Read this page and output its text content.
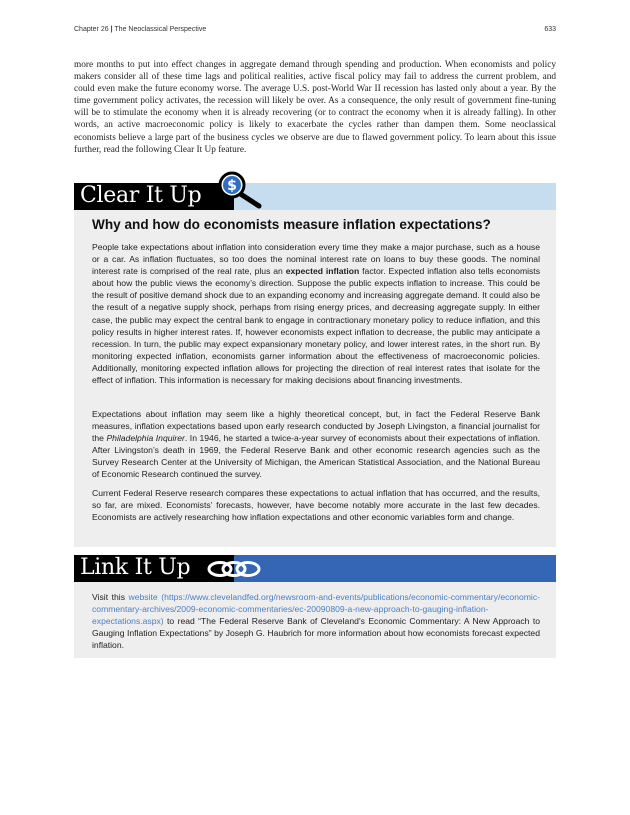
Chapter 26 | The Neoclassical Perspective	633

more months to put into effect changes in aggregate demand through spending and production. When economists and policy makers consider all of these time lags and political realities, active fiscal policy may fail to address the current problem, and could even make the future economy worse. The average U.S. post-World War II recession has lasted only about a year. By the time government policy activates, the recession will likely be over. As a consequence, the only result of government fine-tuning will be to stimulate the economy when it is already recovering (or to contract the economy when it is already falling). In other words, an active macroeconomic policy is likely to exacerbate the cycles rather than dampen them. Some neoclassical economists believe a large part of the business cycles we observe are due to flawed government policy. To learn about this issue further, read the following Clear It Up feature.

Clear It Up $
Why and how do economists measure inflation expectations?

People take expectations about inflation into consideration every time they make a major purchase, such as a house or a car. As inflation fluctuates, so too does the nominal interest rate on loans to buy these goods. The nominal interest rate is comprised of the real rate, plus an expected inflation factor. Expected inflation also tells economists about how the public views the economy’s direction. Suppose the public expects inflation to increase. This could be the result of positive demand shock due to an expanding economy and increasing aggregate demand. It could also be the result of a negative supply shock, perhaps from rising energy prices, and decreasing aggregate supply. In either case, the public may expect the central bank to engage in contractionary monetary policy to reduce inflation, and this policy results in higher interest rates. If, however economists expect inflation to decrease, the public may anticipate a recession. In turn, the public may expect expansionary monetary policy, and lower interest rates, in the short run. By monitoring expected inflation, economists garner information about the effectiveness of macroeconomic policies. Additionally, monitoring expected inflation allows for projecting the direction of real interest rates that isolate for the effect of inflation. This information is necessary for making decisions about financing investments.

Expectations about inflation may seem like a highly theoretical concept, but, in fact the Federal Reserve Bank measures, inflation expectations based upon early research conducted by Joseph Livingston, a financial journalist for the Philadelphia Inquirer. In 1946, he started a twice-a-year survey of economists about their expectations of inflation. After Livingston’s death in 1969, the Federal Reserve Bank and other economic research agencies such as the Survey Research Center at the University of Michigan, the American Statistical Association, and the National Bureau of Economic Research continued the survey.

Current Federal Reserve research compares these expectations to actual inflation that has occurred, and the results, so far, are mixed. Economists’ forecasts, however, have become notably more accurate in the last few decades. Economists are actively researching how inflation expectations and other economic variables form and change.

Link It Up

Visit this website (https://www.clevelandfed.org/newsroom-and-events/publications/economic-commentary/economic-commentary-archives/2009-economic-commentaries/ec-20090809-a-new-approach-to-gauging-inflation-expectations.aspx) to read “The Federal Reserve Bank of Cleveland’s Economic Commentary: A New Approach to Gauging Inflation Expectations” by Joseph G. Haubrich for more information about how economists forecast expected inflation.
